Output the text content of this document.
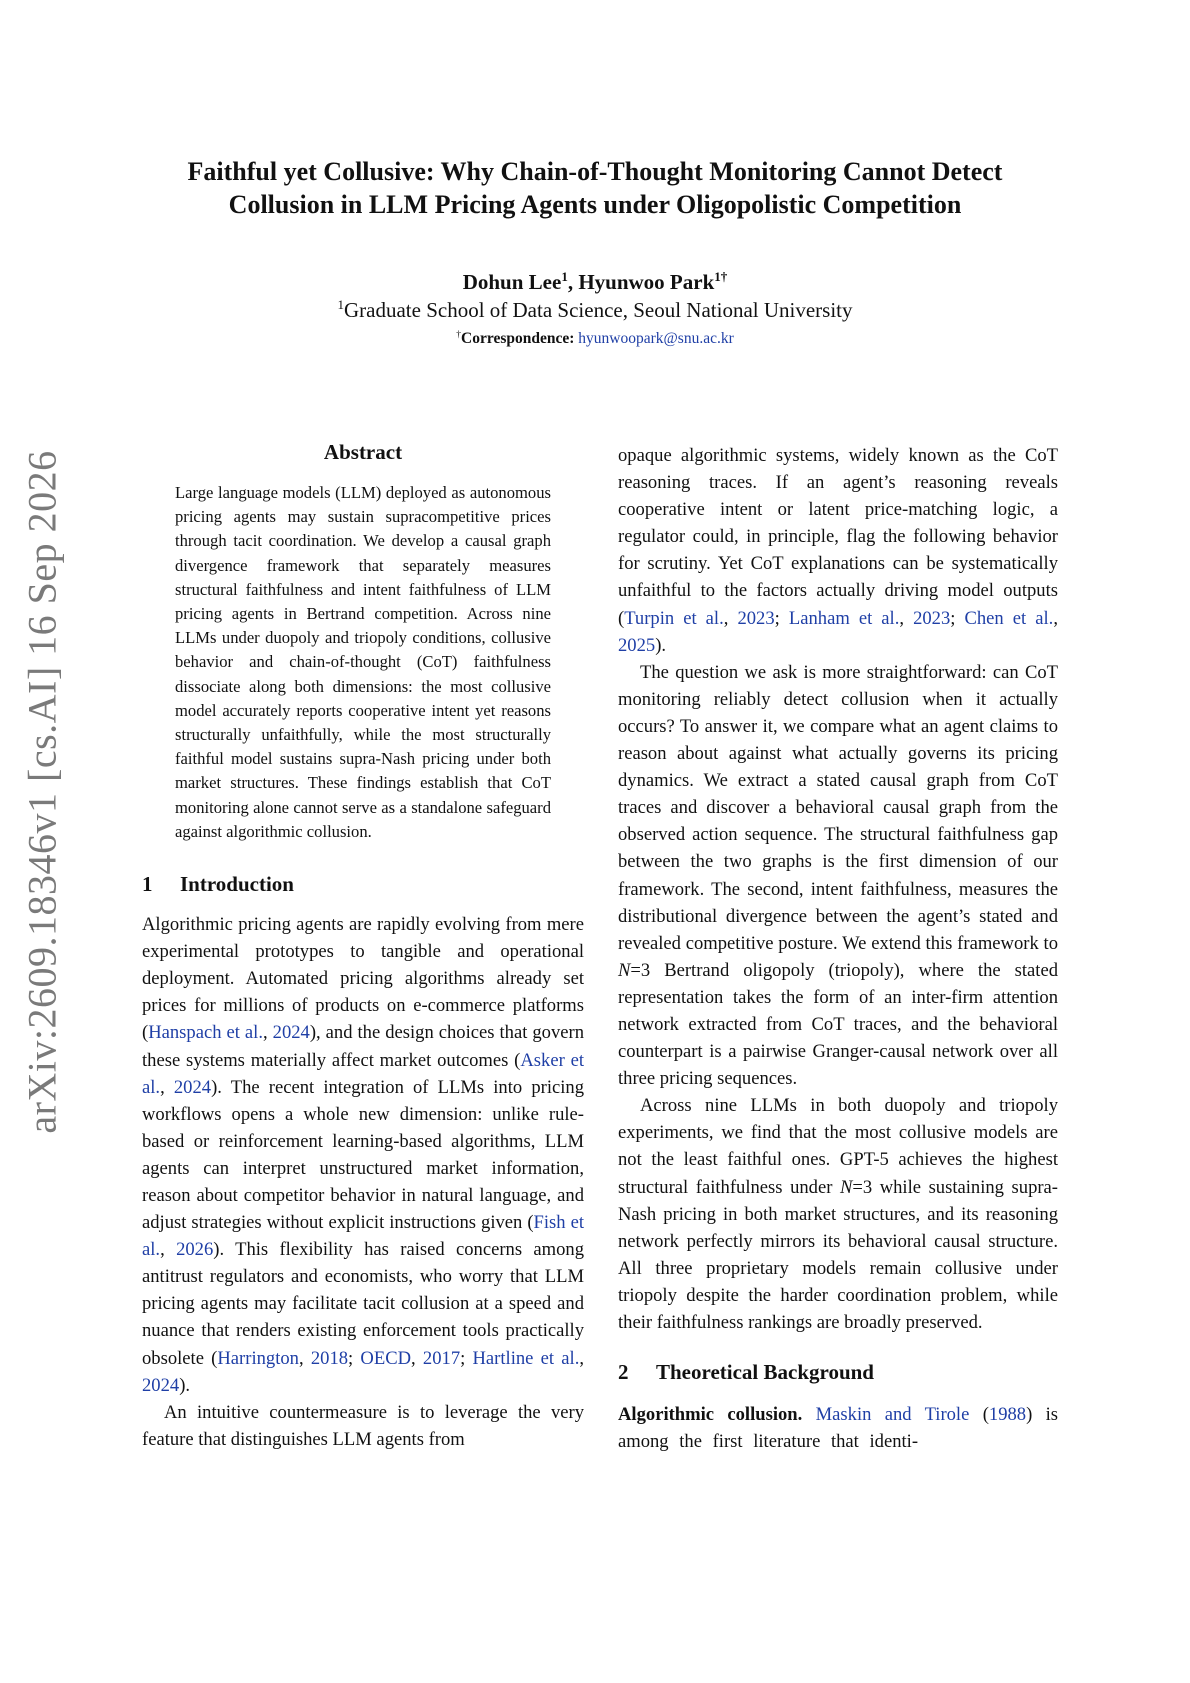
arXiv:2609.18346v1 [cs.AI] 16 Sep 2026
Faithful yet Collusive: Why Chain-of-Thought Monitoring Cannot Detect
Collusion in LLM Pricing Agents under Oligopolistic Competition
Dohun Lee$^1$, Hyunwoo Park$^{1\dagger}$
$^1$Graduate School of Data Science, Seoul National University
†Correspondence: hyunwoopark@snu.ac.kr
Abstract

Large language models (LLM) deployed as autonomous pricing agents may sustain supracompetitive prices through tacit coordination. We develop a causal graph divergence framework that separately measures structural faithfulness and intent faithfulness of LLM pricing agents in Bertrand competition. Across nine LLMs under duopoly and triopoly conditions, collusive behavior and chain-of-thought (CoT) faithfulness dissociate along both dimensions: the most collusive model accurately reports cooperative intent yet reasons structurally unfaithfully, while the most structurally faithful model sustains supra-Nash pricing under both market structures. These findings establish that CoT monitoring alone cannot serve as a standalone safeguard against algorithmic collusion.

1 Introduction

Algorithmic pricing agents are rapidly evolving from mere experimental prototypes to tangible and operational deployment. Automated pricing algorithms already set prices for millions of products on e-commerce platforms (Hanspach et al., 2024), and the design choices that govern these systems materially affect market outcomes (Asker et al., 2024). The recent integration of LLMs into pricing workflows opens a whole new dimension: unlike rule-based or reinforcement learning-based algorithms, LLM agents can interpret unstructured market information, reason about competitor behavior in natural language, and adjust strategies without explicit instructions given (Fish et al., 2026). This flexibility has raised concerns among antitrust regulators and economists, who worry that LLM pricing agents may facilitate tacit collusion at a speed and nuance that renders existing enforcement tools practically obsolete (Harrington, 2018; OECD, 2017; Hartline et al., 2024).

An intuitive countermeasure is to leverage the very feature that distinguishes LLM agents from

opaque algorithmic systems, widely known as the CoT reasoning traces. If an agent’s reasoning reveals cooperative intent or latent price-matching logic, a regulator could, in principle, flag the following behavior for scrutiny. Yet CoT explanations can be systematically unfaithful to the factors actually driving model outputs (Turpin et al., 2023; Lanham et al., 2023; Chen et al., 2025).

The question we ask is more straightforward: can CoT monitoring reliably detect collusion when it actually occurs? To answer it, we compare what an agent claims to reason about against what actually governs its pricing dynamics. We extract a stated causal graph from CoT traces and discover a behavioral causal graph from the observed action sequence. The structural faithfulness gap between the two graphs is the first dimension of our framework. The second, intent faithfulness, measures the distributional divergence between the agent’s stated and revealed competitive posture. We extend this framework to N=3 Bertrand oligopoly (triopoly), where the stated representation takes the form of an inter-firm attention network extracted from CoT traces, and the behavioral counterpart is a pairwise Granger-causal network over all three pricing sequences.

Across nine LLMs in both duopoly and triopoly experiments, we find that the most collusive models are not the least faithful ones. GPT-5 achieves the highest structural faithfulness under N=3 while sustaining supra-Nash pricing in both market structures, and its reasoning network perfectly mirrors its behavioral causal structure. All three proprietary models remain collusive under triopoly despite the harder coordination problem, while their faithfulness rankings are broadly preserved.

2 Theoretical Background

Algorithmic collusion. Maskin and Tirole (1988) is among the first literature that identi-
